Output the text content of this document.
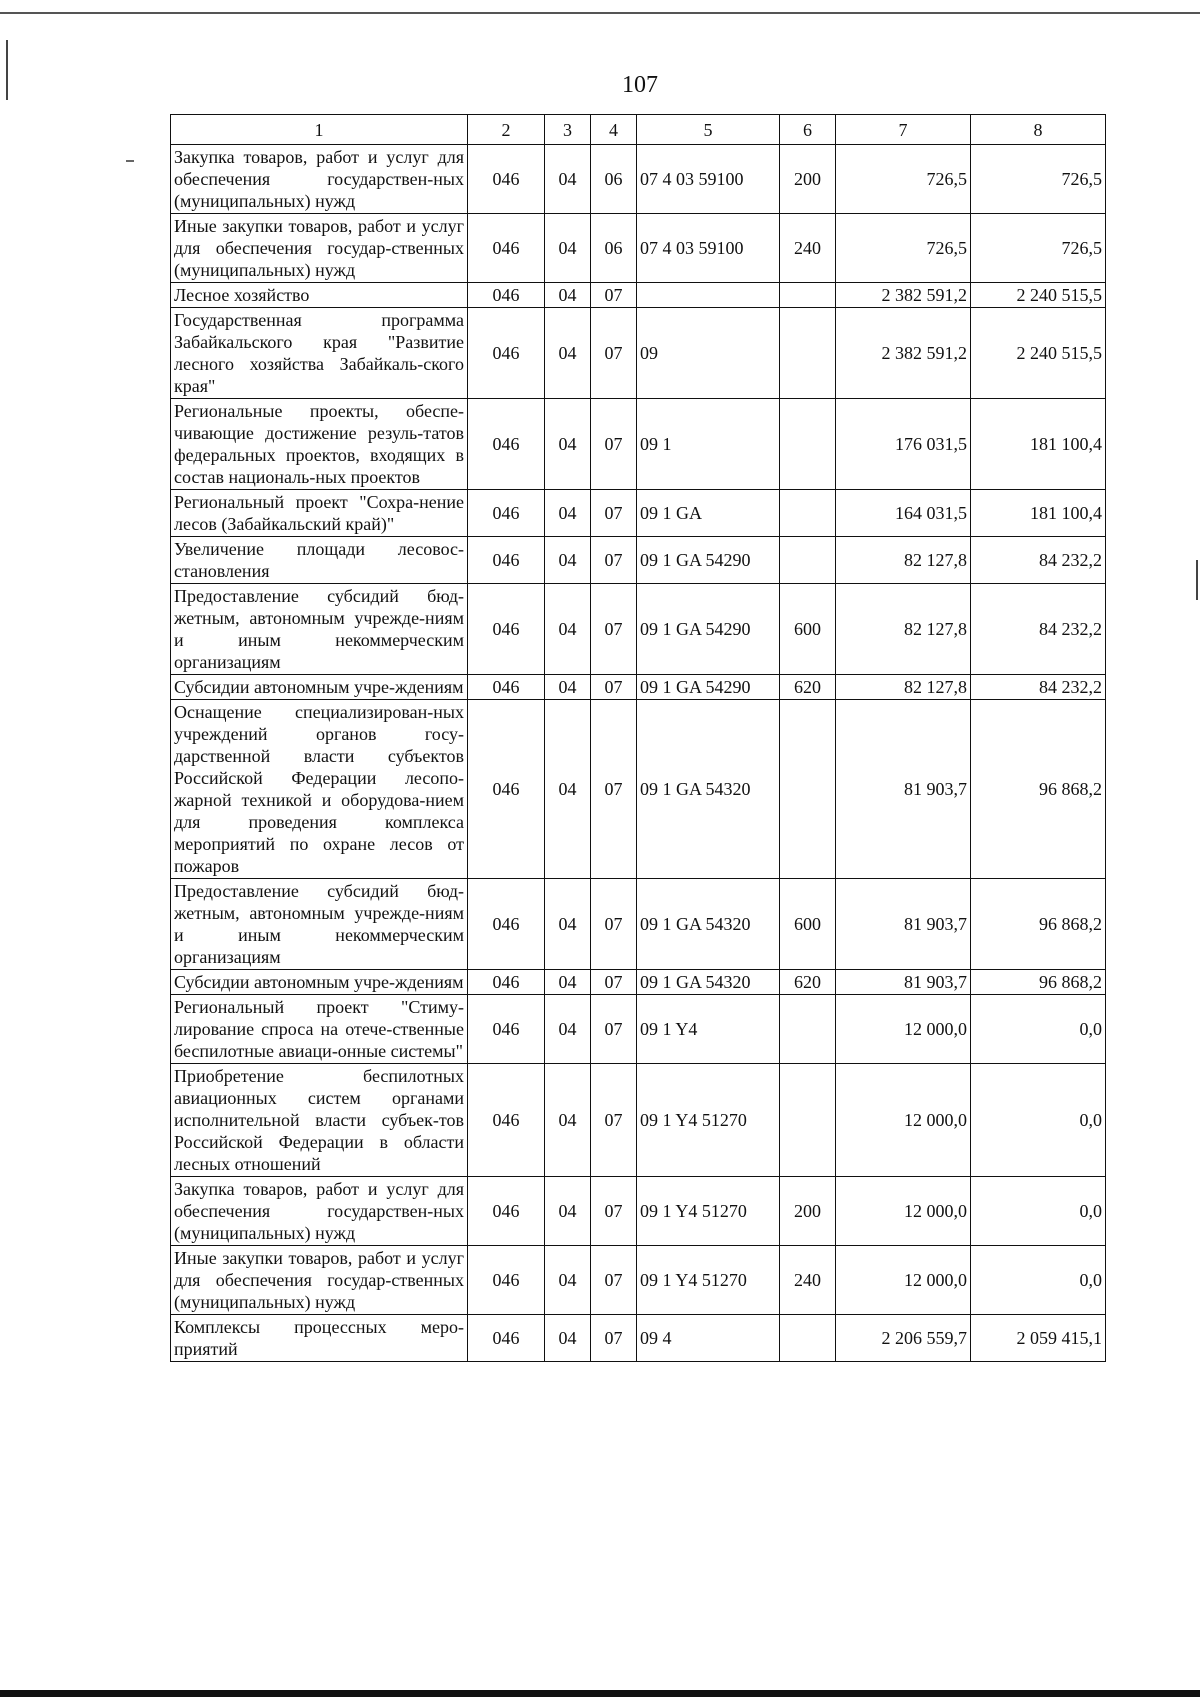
107
1	2	3	4	5	6	7	8
Закупка товаров, работ и услуг для обеспечения государствен-ных (муниципальных) нужд	046	04	06	07 4 03 59100	200	726,5	726,5
Иные закупки товаров, работ и услуг для обеспечения государ-ственных (муниципальных) нужд	046	04	06	07 4 03 59100	240	726,5	726,5
Лесное хозяйство	046	04	07			2 382 591,2	2 240 515,5
Государственная программа Забайкальского края "Развитие лесного хозяйства Забайкаль-ского края"	046	04	07	09		2 382 591,2	2 240 515,5
Региональные проекты, обеспе-чивающие достижение резуль-татов федеральных проектов, входящих в состав националь-ных проектов	046	04	07	09 1		176 031,5	181 100,4
Региональный проект "Сохра-нение лесов (Забайкальский край)"	046	04	07	09 1 GA		164 031,5	181 100,4
Увеличение площади лесовос-становления	046	04	07	09 1 GA 54290		82 127,8	84 232,2
Предоставление субсидий бюд-жетным, автономным учрежде-ниям и иным некоммерческим организациям	046	04	07	09 1 GA 54290	600	82 127,8	84 232,2
Субсидии автономным учре-ждениям	046	04	07	09 1 GA 54290	620	82 127,8	84 232,2
Оснащение специализирован-ных учреждений органов госу-дарственной власти субъектов Российской Федерации лесопо-жарной техникой и оборудова-нием для проведения комплекса мероприятий по охране лесов от пожаров	046	04	07	09 1 GA 54320		81 903,7	96 868,2
Предоставление субсидий бюд-жетным, автономным учрежде-ниям и иным некоммерческим организациям	046	04	07	09 1 GA 54320	600	81 903,7	96 868,2
Субсидии автономным учре-ждениям	046	04	07	09 1 GA 54320	620	81 903,7	96 868,2
Региональный проект "Стиму-лирование спроса на отече-ственные беспилотные авиаци-онные системы"	046	04	07	09 1 Y4		12 000,0	0,0
Приобретение беспилотных авиационных систем органами исполнительной власти субъек-тов Российской Федерации в области лесных отношений	046	04	07	09 1 Y4 51270		12 000,0	0,0
Закупка товаров, работ и услуг для обеспечения государствен-ных (муниципальных) нужд	046	04	07	09 1 Y4 51270	200	12 000,0	0,0
Иные закупки товаров, работ и услуг для обеспечения государ-ственных (муниципальных) нужд	046	04	07	09 1 Y4 51270	240	12 000,0	0,0
Комплексы процессных меро-приятий	046	04	07	09 4		2 206 559,7	2 059 415,1
